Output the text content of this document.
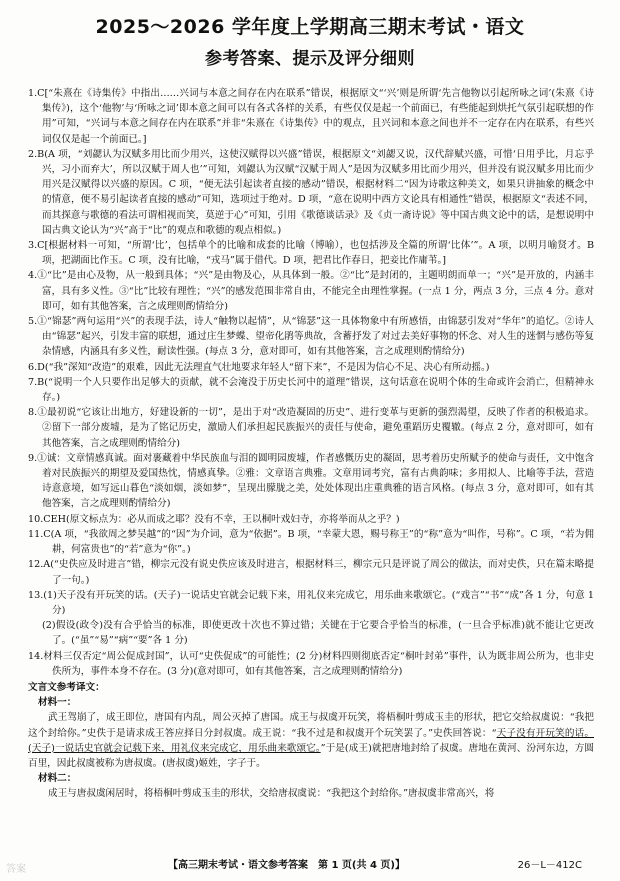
2025～2026 学年度上学期高三期末考试・语文
参考答案、提示及评分细则

1.C[“朱熹在《诗集传》中指出……兴词与本意之间存在内在联系”错误，根据原文“‘兴’则是所谓‘先言他物以引起所咏之词’(朱熹《诗集传》)，这个‘他物’与‘所咏之词’即本意之间可以有各式各样的关系，有些仅仅是起一个前面已，有些能起到烘托气氛引起联想的作用”可知，“兴词与本意之间存在内在联系”并非“朱熹在《诗集传》中的观点，且兴词和本意之间也并不一定存在内在联系，有些兴词仅仅是起一个前面已。]

2.B(A 项，“刘勰认为汉赋多用比而少用兴，这使汉赋得以兴盛”错误，根据原文“刘勰又说，汉代辞赋兴盛，可惜‘日用乎比，月忘乎兴，习小而弃大’，所以汉赋于周人也’”可知，刘勰认为汉赋“汉赋于周人”是因为汉赋多用比而少用兴，但并没有说汉赋多用比而少用兴是汉赋得以兴盛的原因。C 项，“便无法引起读者直接的感动”错误，根据材料二“因为诗歌这种美文，如果只讲抽象的概念中的情意，便不易引起读者直接的感动”可知，选项过于绝对。D 项，“意在说明中西方文论具有相通性”错误，根据原文“表述不同，而其探意与歌德的看法可谓相视而笑，莫逆于心”可知，引用《歌德谈话录》及《贞一斋诗说》等中国古典文论中的话，是想说明中国古典文论认为“兴”高于“比”的观点和歌德的观点相似。)

3.C[根据材料一可知，“所谓‘比’，包括单个的比喻和成套的比喻（博喻），也包括涉及全篇的所谓‘比体’”。A 项，以明月喻贤才。B 项，把湖面比作玉。C 项，没有比喻，“戎马”属于借代。D 项，把君比作春日，把妾比作庸苇。]

4.①“比”是由心及物，从一般到具体；“兴”是由物及心，从具体到一般。②“比”是封闭的，主题明朗而单一；“兴”是开放的，内涵丰富，具有多义性。③“比”比较有理性；“兴”的感发范围非常自由，不能完全由理性掌握。(一点 1 分，两点 3 分，三点 4 分。意对即可，如有其他答案，言之成理则酌情给分)

5.①“锦瑟”两句运用“兴”的表现手法，诗人“触物以起情”，从“锦瑟”这一具体物象中有所感悟，由锦瑟引发对“华年”的追忆。②诗人由“锦瑟”起兴，引发丰富的联想，通过庄生梦蝶、望帝化鹃等典故，含蓄抒发了对过去美好事物的怀念、对人生的迷惘与感伤等复杂情感，内涵具有多义性，耐读性强。(每点 3 分，意对即可，如有其他答案，言之成理则酌情给分)

6.D(“我”深知“改造”的艰难，因此无法理直气壮地要求年轻人“留下来”，不是因为信心不足、决心有所动摇。)

7.B(“说明一个人只要作出足够大的贡献，就不会淹没于历史长河中的道理”错误，这句话意在说明个体的生命或许会消亡，但精神永存。)

8.①最初说“它该让出地方，好建设新的一切”，是出于对“改造凝固的历史”、进行变革与更新的强烈渴望，反映了作者的积极追求。②留下一部分废墟，是为了铭记历史，激励人们承担起民族振兴的责任与使命，避免重蹈历史覆辙。(每点 2 分，意对即可，如有其他答案，言之成理则酌情给分)

9.①诚：文章情感真诚。面对裹藏着中华民族血与泪的圆明园废墟，作者感慨历史的凝固，思考着历史所赋予的使命与责任，文中饱含着对民族振兴的期望及爱国热忱，情感真挚。②雅：文章语言典雅。文章用词考究，富有古典韵味；多用拟人、比喻等手法，营造诗意意境，如写远山暮色“淡如烟，淡如梦”，呈现出朦胧之美，处处体现出庄重典雅的语言风格。(每点 3 分，意对即可，如有其他答案，言之成理则酌情给分)

10.CEH(原文标点为：必从而成之耶？没有不幸，王以桐叶戏妇寺，亦将举而从之乎？)

11.C(A 项，“我欲周之梦吴越”的“因”为介词，意为“依据”。B 项，“幸蒙大恩，赐号称王”的“称”意为“叫作，号称”。C 项，“若为佣耕，何富贵也”的“若”意为“你”。)

12.A(“史佚应及时进言”错，柳宗元没有说史佚应该及时进言，根据材料三，柳宗元只是评说了周公的做法，而对史佚，只在篇末略提了一句。)

13.(1)天子没有开玩笑的话。(天子)一说话史官就会记载下来，用礼仪来完成它，用乐曲来歌颂它。(“戏言”“书”“成”各 1 分，句意 1 分)

(2)假设(政令)没有合乎恰当的标准，即使更改十次也不算过错；关键在于它要合乎恰当的标准，(一旦合乎标准)就不能让它更改了。(“虽”“易”“病”“要”各 1 分)

14.材料三仅否定“周公促成封国”，认可“史佚促成”的可能性；(2 分)材料四则彻底否定“桐叶封弟”事件，认为既非周公所为，也非史佚所为，事件本身不存在。(3 分)(意对即可，如有其他答案，言之成理则酌情给分)

文言文参考译文：

材料一：

武王驾崩了，成王即位，唐国有内乱，周公灭掉了唐国。成王与叔虞开玩笑，将梧桐叶剪成玉圭的形状，把它交给叔虞说：“我把这个封给你。”史佚于是请求成王答应择日分封叔虞。成王说：“我不过是和叔虞开个玩笑罢了。”史佚回答说：“天子没有开玩笑的话。(天子)一说话史官就会记载下来，用礼仪来完成它，用乐曲来歌颂它。”于是(成王)就把唐地封给了叔虞。唐地在黄河、汾河东边，方圆百里，因此叔虞被称为唐叔虞。(唐叔虞)姬姓，字子于。

材料二：

成王与唐叔虞闲居时，将梧桐叶剪成玉圭的形状，交给唐叔虞说：“我把这个封给你。”唐叔虞非常高兴，将

答案	【高三期末考试・语文参考答案　第 1 页(共 4 页)】	26－L－412C
